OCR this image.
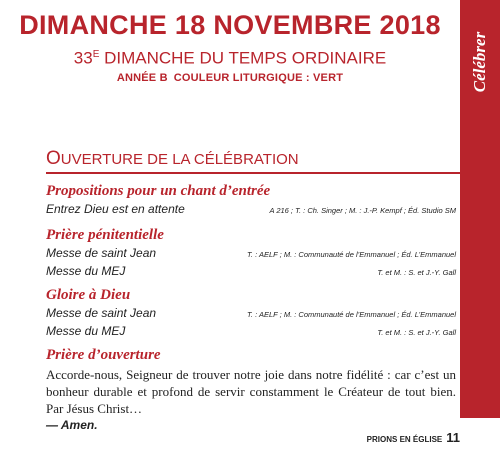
Célébrer
DIMANCHE 18 NOVEMBRE 2018
$33^E$ DIMANCHE DU TEMPS ORDINAIRE
ANNÉE B COULEUR LITURGIQUE : VERT
OUVERTURE DE LA CÉLÉBRATION
Propositions pour un chant d’entrée
Entrez Dieu est en attente	A 216 ; T. : Ch. Singer ; M. : J.-P. Kempf ; Éd. Studio SM
Prière pénitentielle
Messe de saint Jean	T. : AELF ; M. : Communauté de l’Emmanuel ; Éd. L’Emmanuel
Messe du MEJ	T. et M. : S. et J.-Y. Gall
Gloire à Dieu
Messe de saint Jean	T. : AELF ; M. : Communauté de l’Emmanuel ; Éd. L’Emmanuel
Messe du MEJ	T. et M. : S. et J.-Y. Gall
Prière d’ouverture
Accorde-nous, Seigneur de trouver notre joie dans notre fidélité : car c’est un bonheur durable et profond de servir constamment le Créateur de tout bien. Par Jésus Christ…
— Amen.
PRIONS EN ÉGLISE 11
